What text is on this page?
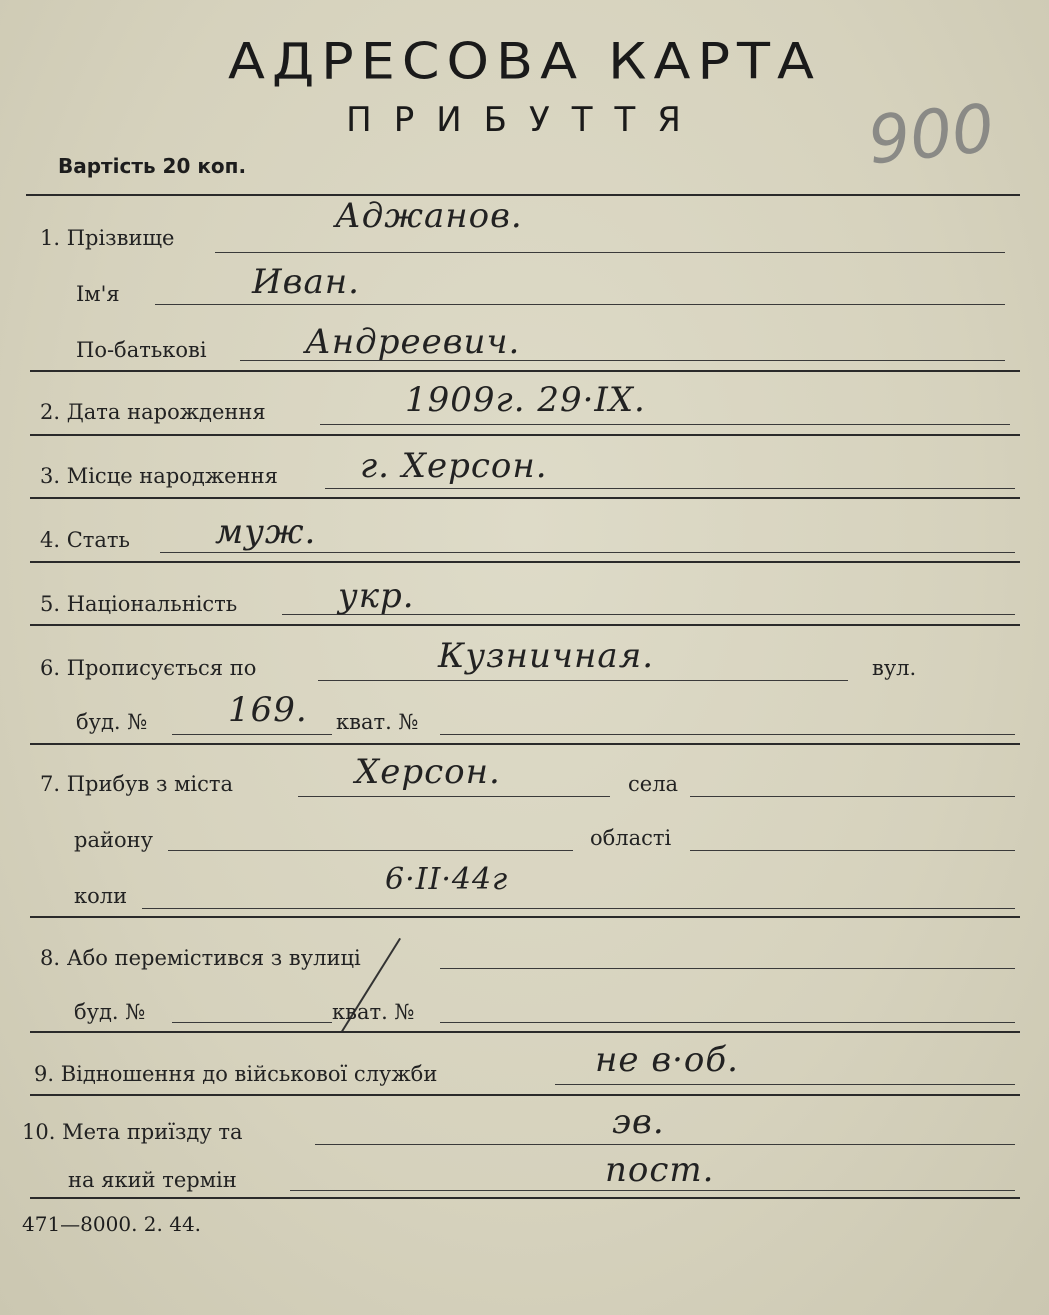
АДРЕСОВА КАРТА
ПРИБУТТЯ	900
Вартість 20 коп.
1. Прізвище
Аджанов.
Ім'я	Иван.
По-батькові	Андреевич.
2. Дата нарождення	1909г. 29·IX.
3. Місце народження г. Херсон.
4. Стать	муж.
5. Національність	укр.
6. Прописується по	Кузничная.	вул.
буд. № 169. кват. №
7. Прибув з міста	Херсон.	села
району	області
коли	6·II·44г
8. Або перемістився з вулиці
буд. №	кват. №
9. Відношення до військової служби	не в·об.
10. Мета приїзду та	эв.
на який термін	пост.
471—8000. 2. 44.
